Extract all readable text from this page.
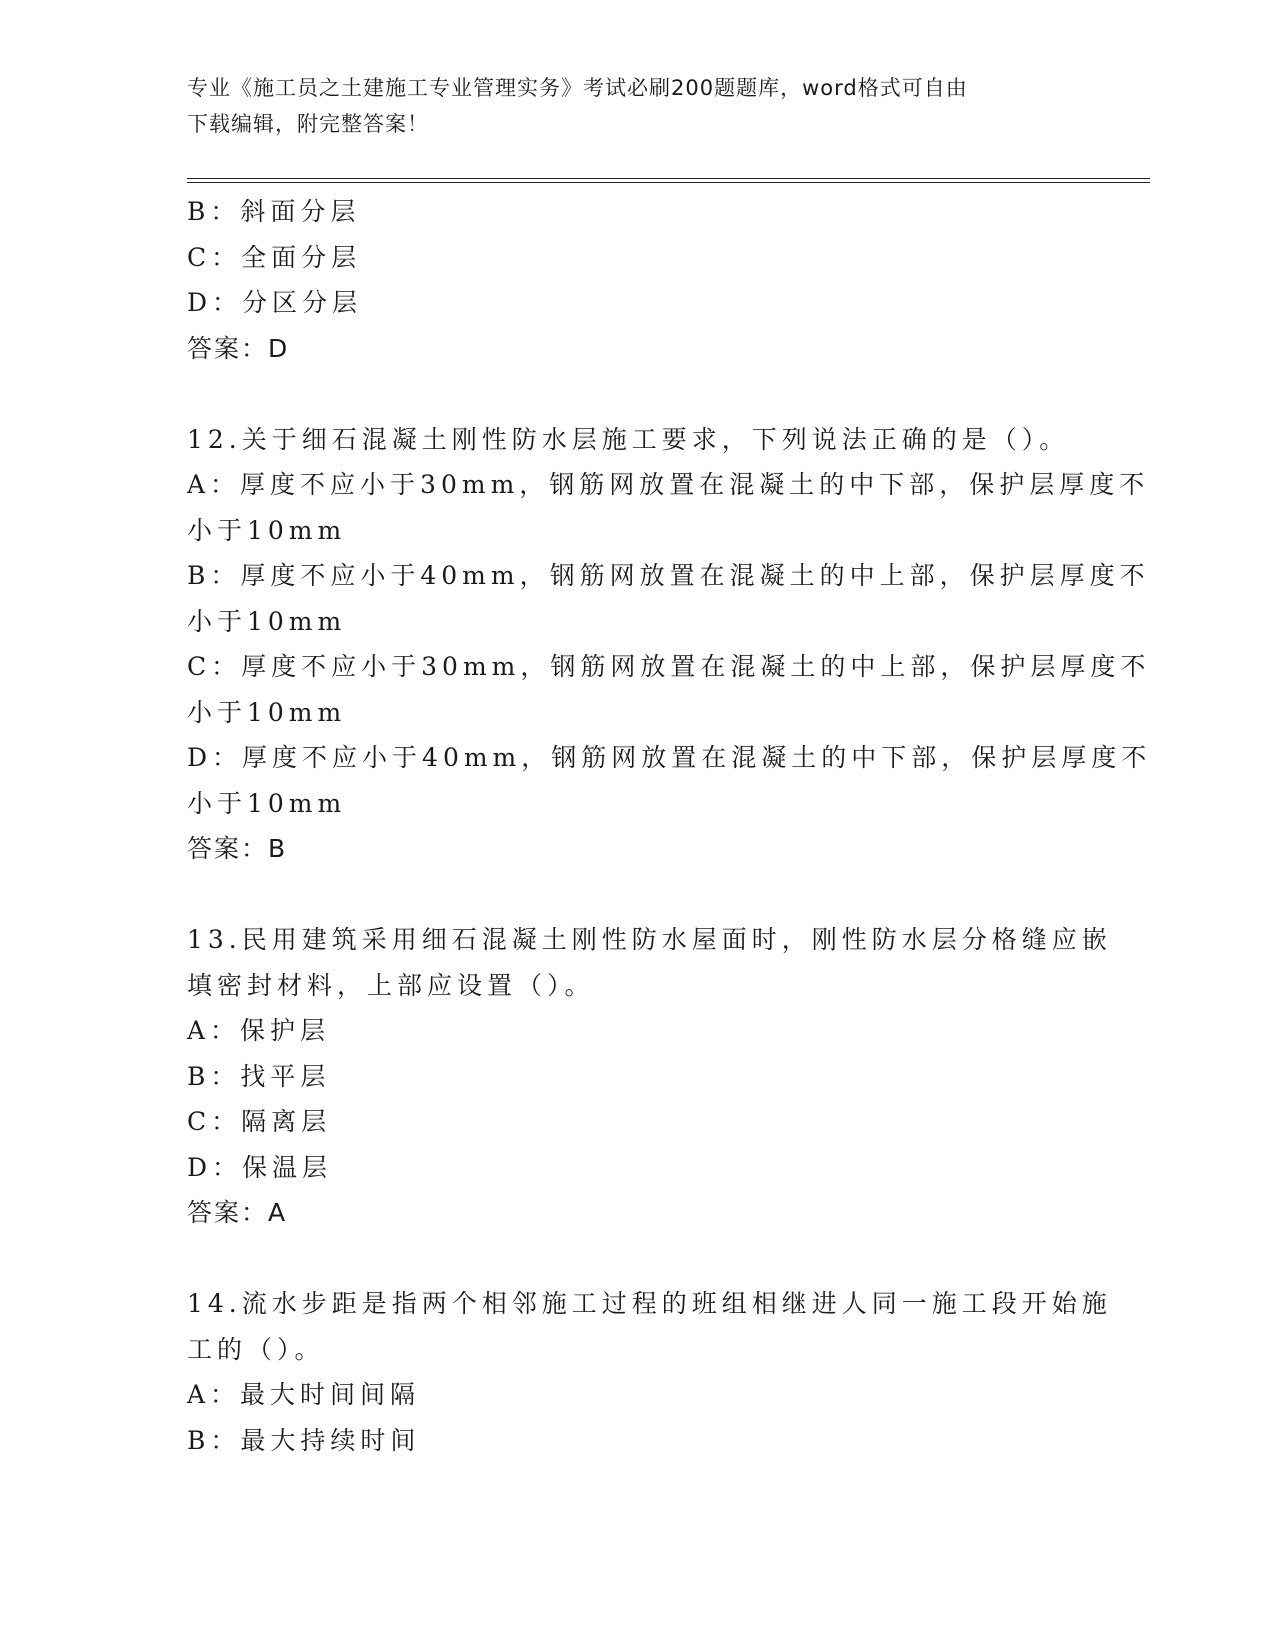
专业《施工员之土建施工专业管理实务》考试必刷200题题库，word格式可自由
下载编辑，附完整答案！
B：斜面分层
C：全面分层
D：分区分层
答案：D
12.关于细石混凝土刚性防水层施工要求，下列说法正确的是（）。
A：厚度不应小于30mm，钢筋网放置在混凝土的中下部，保护层厚度不
小于10mm
B：厚度不应小于40mm，钢筋网放置在混凝土的中上部，保护层厚度不
小于10mm
C：厚度不应小于30mm，钢筋网放置在混凝土的中上部，保护层厚度不
小于10mm
D：厚度不应小于40mm，钢筋网放置在混凝土的中下部，保护层厚度不
小于10mm
答案：B
13.民用建筑采用细石混凝土刚性防水屋面时，刚性防水层分格缝应嵌
填密封材料，上部应设置（）。
A：保护层
B：找平层
C：隔离层
D：保温层
答案：A
14.流水步距是指两个相邻施工过程的班组相继进人同一施工段开始施
工的（）。
A：最大时间间隔
B：最大持续时间
